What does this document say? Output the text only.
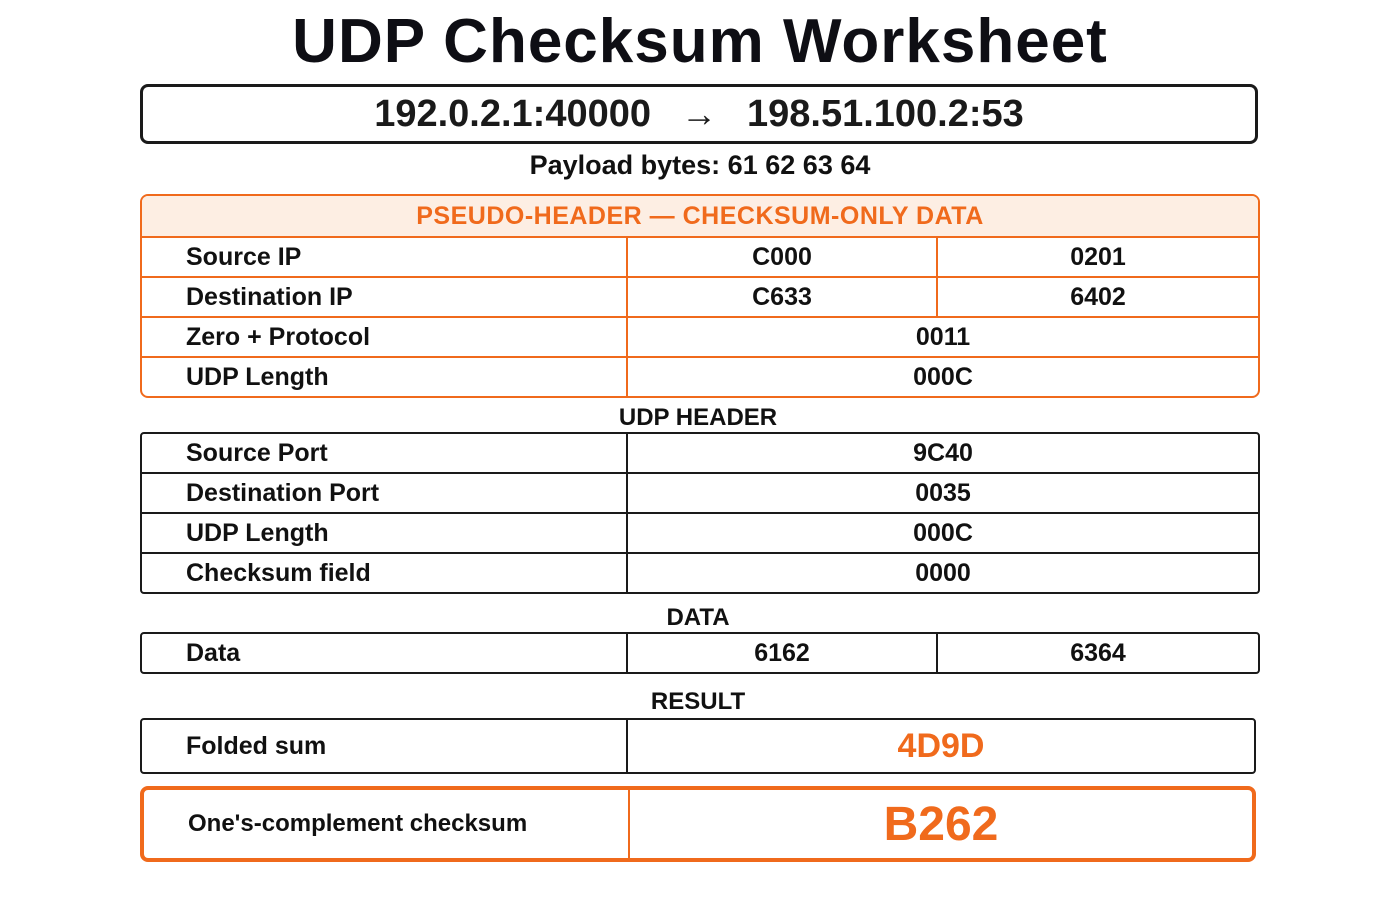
UDP Checksum Worksheet
192.0.2.1:40000 → 198.51.100.2:53
Payload bytes: 61 62 63 64
PSEUDO-HEADER — CHECKSUM-ONLY DATA		
Source IP	C000	0201
Destination IP	C633	6402
Zero + Protocol	0011	
UDP Length	000C	
UDP HEADER
Source Port	9C40
Destination Port	0035
UDP Length	000C
Checksum field	0000
DATA
Data	6162	6364
RESULT
Folded sum	4D9D
One's-complement checksum	B262
